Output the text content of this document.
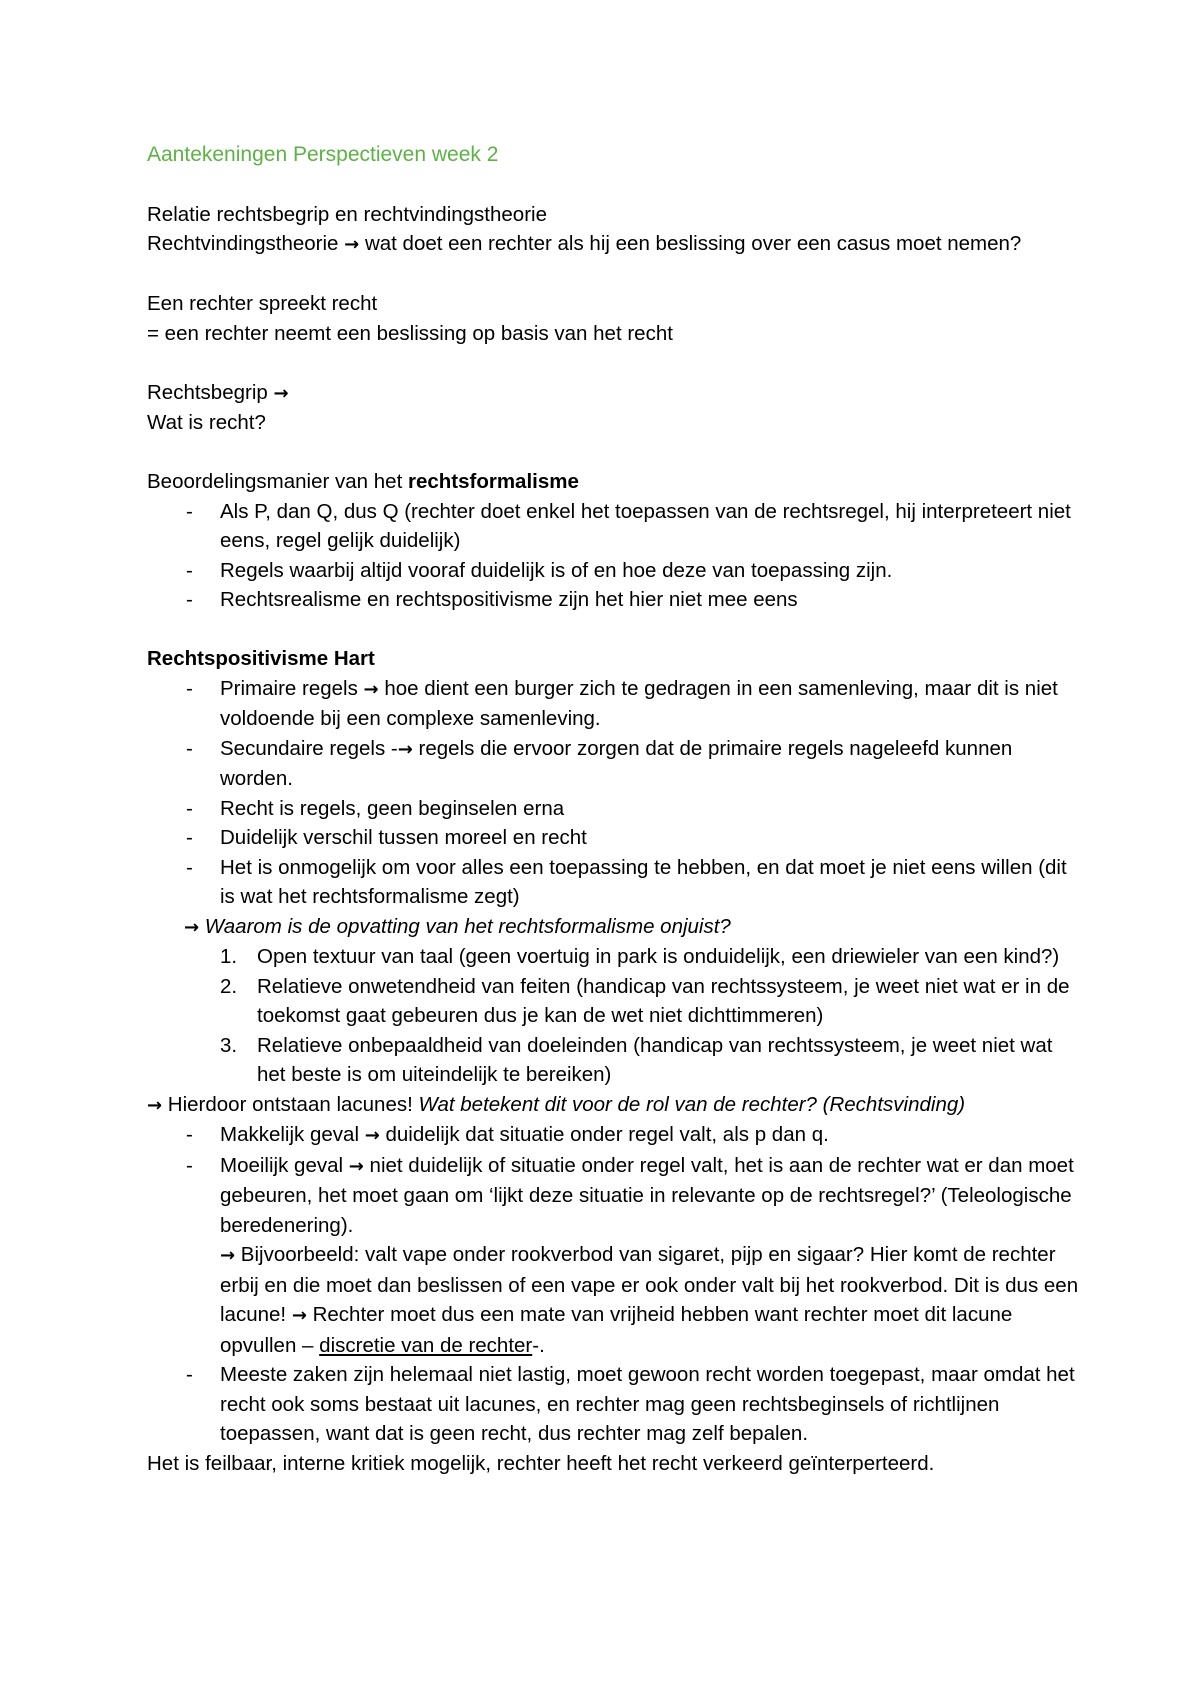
Aantekeningen Perspectieven week 2

Relatie rechtsbegrip en rechtvindingstheorie

Rechtvindingstheorie → wat doet een rechter als hij een beslissing over een casus moet nemen?

Een rechter spreekt recht

= een rechter neemt een beslissing op basis van het recht

Rechtsbegrip →

Wat is recht?

Beoordelingsmanier van het rechtsformalisme

- Als P, dan Q, dus Q (rechter doet enkel het toepassen van de rechtsregel, hij interpreteert niet eens, regel gelijk duidelijk)
- Regels waarbij altijd vooraf duidelijk is of en hoe deze van toepassing zijn.
- Rechtsrealisme en rechtspositivisme zijn het hier niet mee eens

Rechtspositivisme Hart

- Primaire regels → hoe dient een burger zich te gedragen in een samenleving, maar dit is niet voldoende bij een complexe samenleving.
- Secundaire regels -→ regels die ervoor zorgen dat de primaire regels nageleefd kunnen worden.
- Recht is regels, geen beginselen erna
- Duidelijk verschil tussen moreel en recht
- Het is onmogelijk om voor alles een toepassing te hebben, en dat moet je niet eens willen (dit is wat het rechtsformalisme zegt)

→ Waarom is de opvatting van het rechtsformalisme onjuist?

1. Open textuur van taal (geen voertuig in park is onduidelijk, een driewieler van een kind?)
2. Relatieve onwetendheid van feiten (handicap van rechtssysteem, je weet niet wat er in de toekomst gaat gebeuren dus je kan de wet niet dichttimmeren)
3. Relatieve onbepaaldheid van doeleinden (handicap van rechtssysteem, je weet niet wat het beste is om uiteindelijk te bereiken)

→ Hierdoor ontstaan lacunes! Wat betekent dit voor de rol van de rechter? (Rechtsvinding)

- Makkelijk geval → duidelijk dat situatie onder regel valt, als p dan q.
- Moeilijk geval → niet duidelijk of situatie onder regel valt, het is aan de rechter wat er dan moet gebeuren, het moet gaan om ‘lijkt deze situatie in relevante op de rechtsregel?’ (Teleologische beredenering).
→ Bijvoorbeeld: valt vape onder rookverbod van sigaret, pijp en sigaar? Hier komt de rechter erbij en die moet dan beslissen of een vape er ook onder valt bij het rookverbod. Dit is dus een lacune! → Rechter moet dus een mate van vrijheid hebben want rechter moet dit lacune opvullen – discretie van de rechter-.
- Meeste zaken zijn helemaal niet lastig, moet gewoon recht worden toegepast, maar omdat het recht ook soms bestaat uit lacunes, en rechter mag geen rechtsbeginsels of richtlijnen toepassen, want dat is geen recht, dus rechter mag zelf bepalen.

Het is feilbaar, interne kritiek mogelijk, rechter heeft het recht verkeerd geïnterperteerd.
